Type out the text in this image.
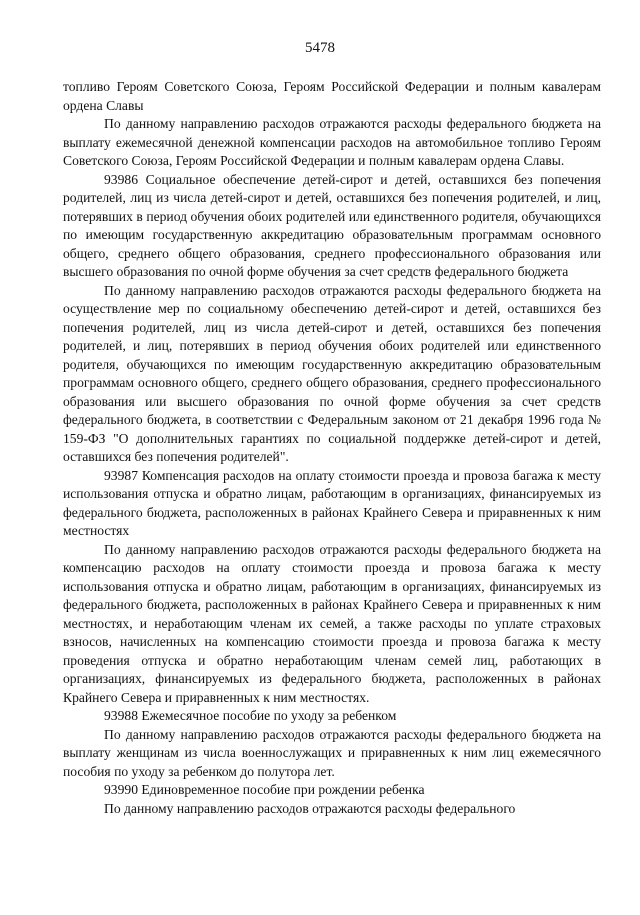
5478

топливо Героям Советского Союза, Героям Российской Федерации и полным кавалерам ордена Славы

По данному направлению расходов отражаются расходы федерального бюджета на выплату ежемесячной денежной компенсации расходов на автомобильное топливо Героям Советского Союза, Героям Российской Федерации и полным кавалерам ордена Славы.

93986 Социальное обеспечение детей-сирот и детей, оставшихся без попечения родителей, лиц из числа детей-сирот и детей, оставшихся без попечения родителей, и лиц, потерявших в период обучения обоих родителей или единственного родителя, обучающихся по имеющим государственную аккредитацию образовательным программам основного общего, среднего общего образования, среднего профессионального образования или высшего образования по очной форме обучения за счет средств федерального бюджета

По данному направлению расходов отражаются расходы федерального бюджета на осуществление мер по социальному обеспечению детей-сирот и детей, оставшихся без попечения родителей, лиц из числа детей-сирот и детей, оставшихся без попечения родителей, и лиц, потерявших в период обучения обоих родителей или единственного родителя, обучающихся по имеющим государственную аккредитацию образовательным программам основного общего, среднего общего образования, среднего профессионального образования или высшего образования по очной форме обучения за счет средств федерального бюджета, в соответствии с Федеральным законом от 21 декабря 1996 года № 159-ФЗ "О дополнительных гарантиях по социальной поддержке детей-сирот и детей, оставшихся без попечения родителей".

93987 Компенсация расходов на оплату стоимости проезда и провоза багажа к месту использования отпуска и обратно лицам, работающим в организациях, финансируемых из федерального бюджета, расположенных в районах Крайнего Севера и приравненных к ним местностях

По данному направлению расходов отражаются расходы федерального бюджета на компенсацию расходов на оплату стоимости проезда и провоза багажа к месту использования отпуска и обратно лицам, работающим в организациях, финансируемых из федерального бюджета, расположенных в районах Крайнего Севера и приравненных к ним местностях, и неработающим членам их семей, а также расходы по уплате страховых взносов, начисленных на компенсацию стоимости проезда и провоза багажа к месту проведения отпуска и обратно неработающим членам семей лиц, работающих в организациях, финансируемых из федерального бюджета, расположенных в районах Крайнего Севера и приравненных к ним местностях.

93988 Ежемесячное пособие по уходу за ребенком

По данному направлению расходов отражаются расходы федерального бюджета на выплату женщинам из числа военнослужащих и приравненных к ним лиц ежемесячного пособия по уходу за ребенком до полутора лет.

93990 Единовременное пособие при рождении ребенка

По данному направлению расходов отражаются расходы федерального
